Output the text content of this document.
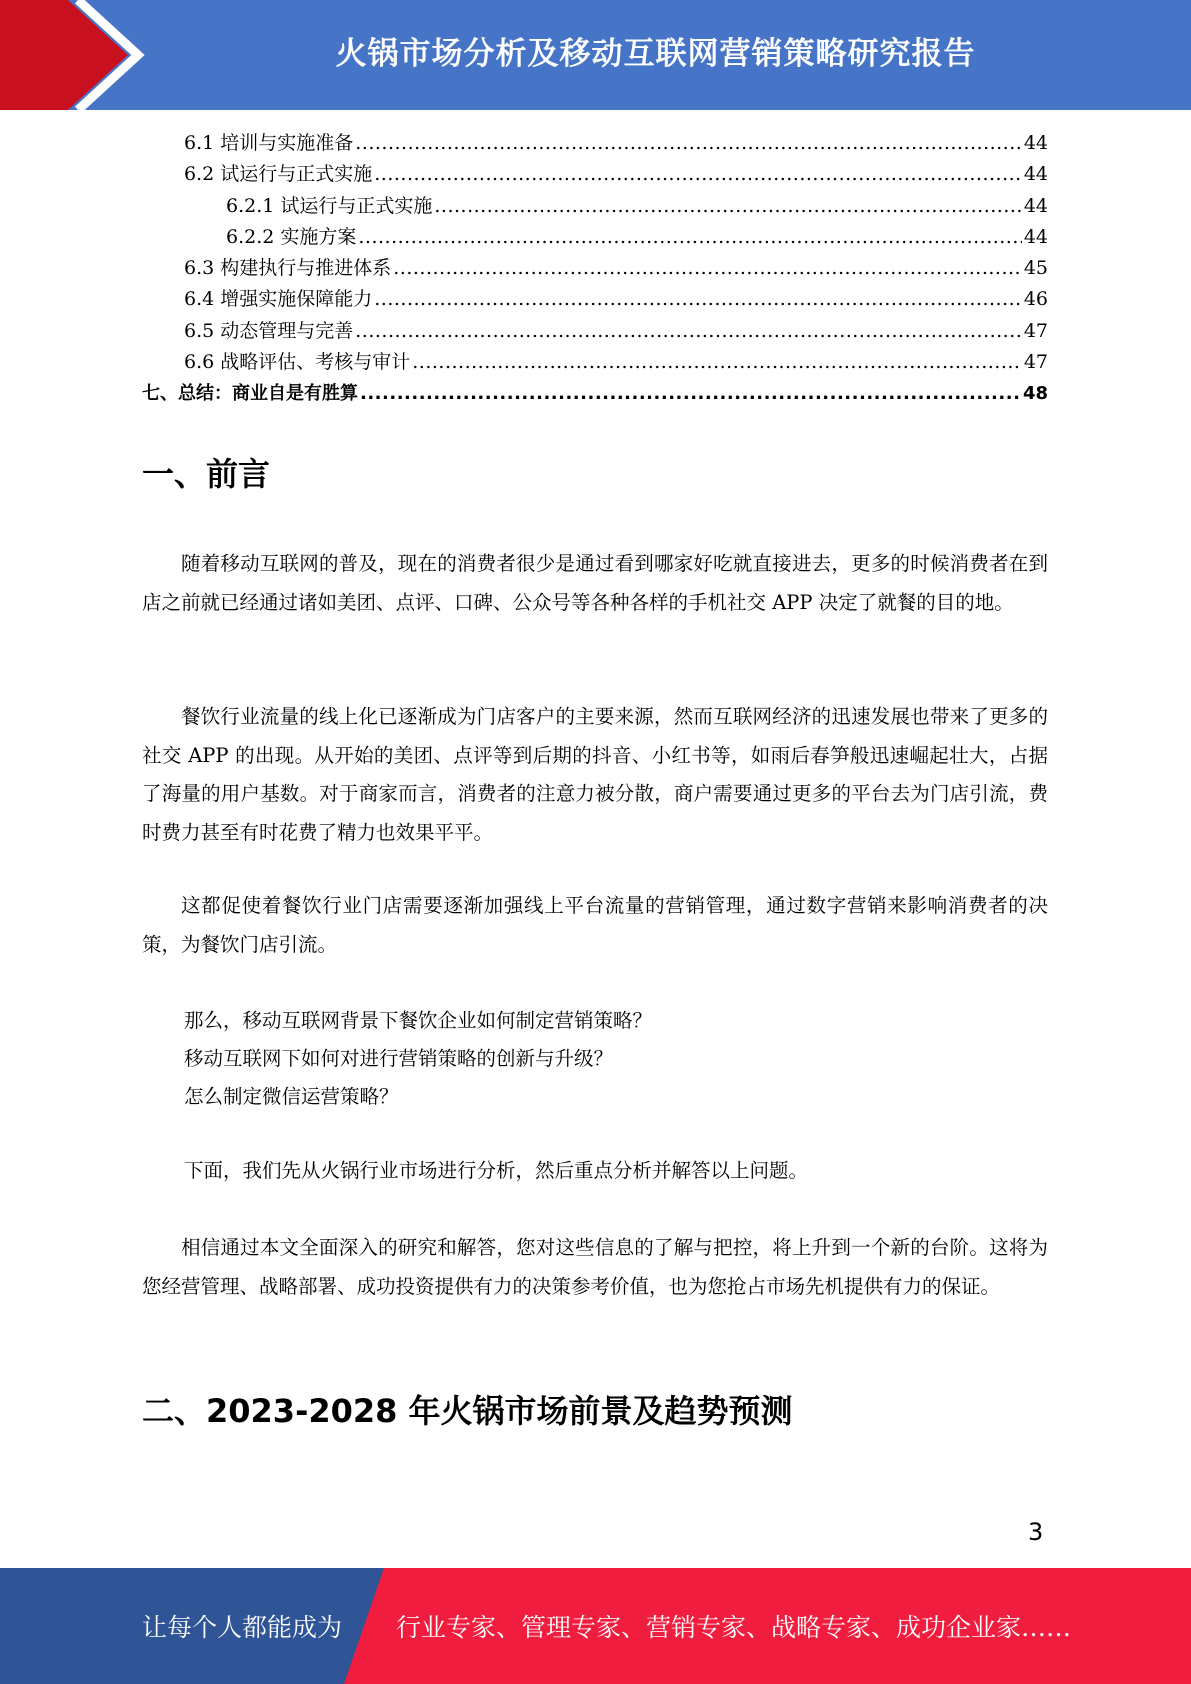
火锅市场分析及移动互联网营销策略研究报告
6.1 培训与实施准备 .....	44
6.2 试运行与正式实施 .....	44
6.2.1 试运行与正式实施 .....	44
6.2.2 实施方案 .....	44
6.3 构建执行与推进体系 .....	45
6.4 增强实施保障能力 .....	46
6.5 动态管理与完善 .....	47
6.6 战略评估、考核与审计 .....	47
七、总结：商业自是有胜算 .....	48
一、前言
随着移动互联网的普及，现在的消费者很少是通过看到哪家好吃就直接进去，更多的时候消费者在到店之前就已经通过诸如美团、点评、口碑、公众号等各种各样的手机社交 APP 决定了就餐的目的地。
餐饮行业流量的线上化已逐渐成为门店客户的主要来源，然而互联网经济的迅速发展也带来了更多的社交 APP 的出现。从开始的美团、点评等到后期的抖音、小红书等，如雨后春笋般迅速崛起壮大，占据了海量的用户基数。对于商家而言，消费者的注意力被分散，商户需要通过更多的平台去为门店引流，费时费力甚至有时花费了精力也效果平平。
这都促使着餐饮行业门店需要逐渐加强线上平台流量的营销管理，通过数字营销来影响消费者的决策，为餐饮门店引流。
那么，移动互联网背景下餐饮企业如何制定营销策略？
移动互联网下如何对进行营销策略的创新与升级？
怎么制定微信运营策略？
下面，我们先从火锅行业市场进行分析，然后重点分析并解答以上问题。
相信通过本文全面深入的研究和解答，您对这些信息的了解与把控，将上升到一个新的台阶。这将为您经营管理、战略部署、成功投资提供有力的决策参考价值，也为您抢占市场先机提供有力的保证。
二、2023-2028 年火锅市场前景及趋势预测
3
让每个人都能成为 行业专家、管理专家、营销专家、战略专家、成功企业家……
